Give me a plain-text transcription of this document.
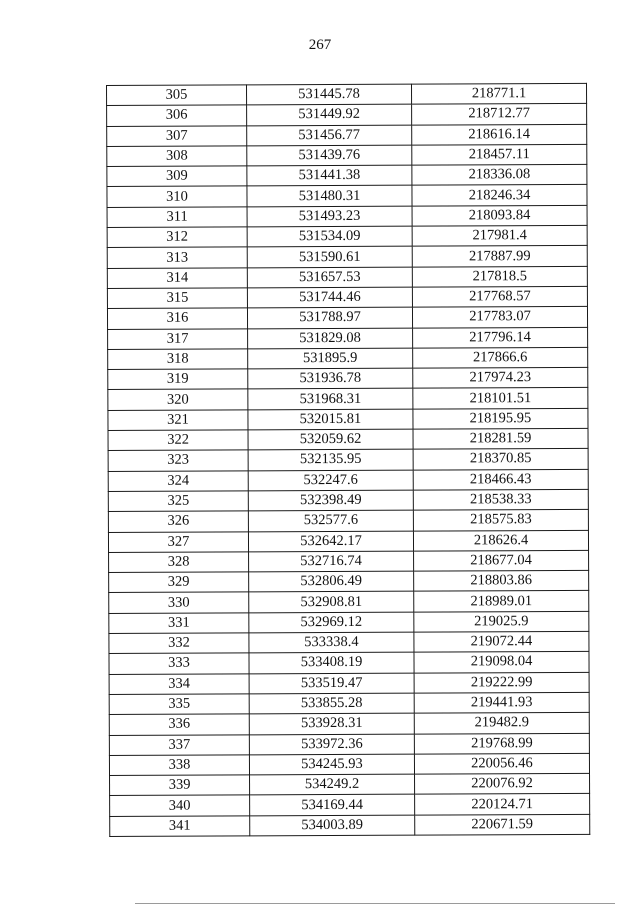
267
305	531445.78	218771.1
306	531449.92	218712.77
307	531456.77	218616.14
308	531439.76	218457.11
309	531441.38	218336.08
310	531480.31	218246.34
311	531493.23	218093.84
312	531534.09	217981.4
313	531590.61	217887.99
314	531657.53	217818.5
315	531744.46	217768.57
316	531788.97	217783.07
317	531829.08	217796.14
318	531895.9	217866.6
319	531936.78	217974.23
320	531968.31	218101.51
321	532015.81	218195.95
322	532059.62	218281.59
323	532135.95	218370.85
324	532247.6	218466.43
325	532398.49	218538.33
326	532577.6	218575.83
327	532642.17	218626.4
328	532716.74	218677.04
329	532806.49	218803.86
330	532908.81	218989.01
331	532969.12	219025.9
332	533338.4	219072.44
333	533408.19	219098.04
334	533519.47	219222.99
335	533855.28	219441.93
336	533928.31	219482.9
337	533972.36	219768.99
338	534245.93	220056.46
339	534249.2	220076.92
340	534169.44	220124.71
341	534003.89	220671.59
